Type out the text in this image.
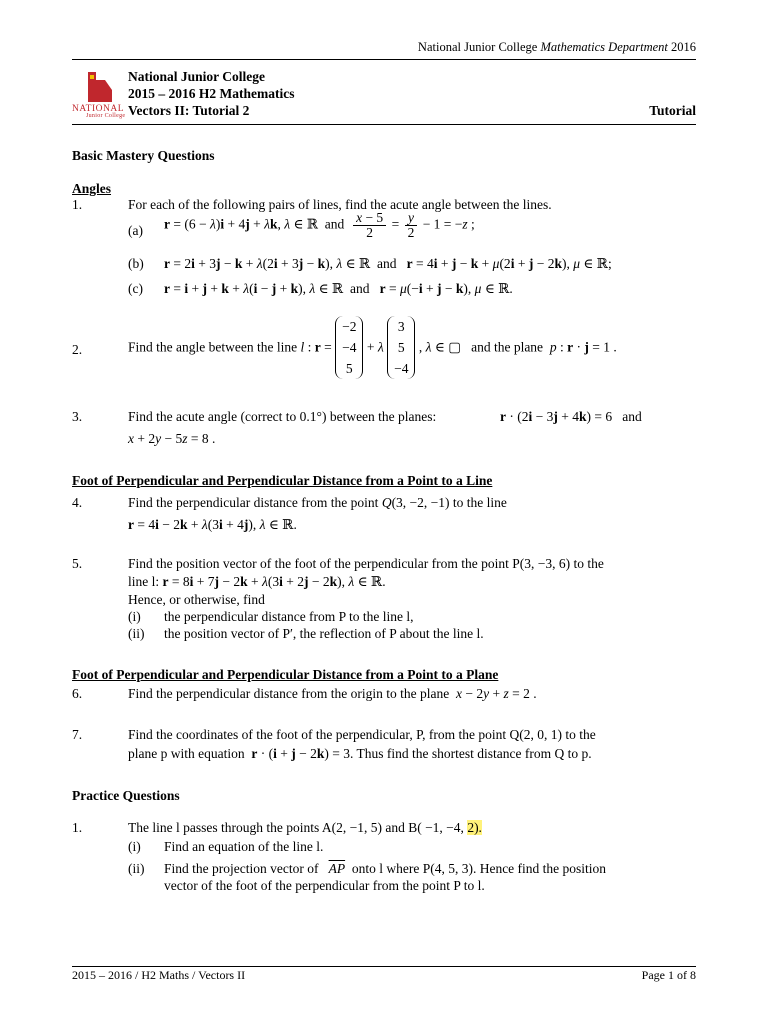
National Junior College Mathematics Department 2016
NATIONAL
Junior College
National Junior College
2015 – 2016 H2 Mathematics
Vectors II: Tutorial 2	Tutorial
Basic Mastery Questions
Angles
1.	For each of the following pairs of lines, find the acute angle between the lines.
(a) r = (6 − λ)i + 4j + λk, λ ∈ ℝ  and $\frac{x - 5}{2} = \frac{y}{2} - 1 = -z$ ;
(b) r = 2i + 3j − k + λ(2i + 3j − k), λ ∈ ℝ  and   r = 4i + j − k + μ(2i + j − 2k), μ ∈ ℝ;
(c) r = i + j + k + λ(i − j + k), λ ∈ ℝ  and   r = μ(−i + j − k), μ ∈ ℝ.
2.	Find the angle between the line l : r =
−2
−4
5
+ λ
3
5
−4
, λ ∈ ▢   and the plane p : r · j = 1 .
3.	Find the acute angle (correct to 0.1°) between the planes:	r · (2i − 3j + 4k) = 6   and
x + 2y − 5z = 8 .
Foot of Perpendicular and Perpendicular Distance from a Point to a Line
4.	Find the perpendicular distance from the point Q(3, −2, −1) to the line
r = 4i − 2k + λ(3i + 4j), λ ∈ ℝ.
5.	Find the position vector of the foot of the perpendicular from the point P(3, −3, 6) to the
line l: r = 8i + 7j − 2k + λ(3i + 2j − 2k), λ ∈ ℝ.
Hence, or otherwise, find
(i) the perpendicular distance from P to the line l,
(ii) the position vector of P′, the reflection of P about the line l.
Foot of Perpendicular and Perpendicular Distance from a Point to a Plane
6.	Find the perpendicular distance from the origin to the plane x − 2y + z = 2 .
7.	Find the coordinates of the foot of the perpendicular, P, from the point Q(2, 0, 1) to the
plane p with equation r · (i + j − 2k) = 3. Thus find the shortest distance from Q to p.
Practice Questions
1.	The line l passes through the points A(2, −1, 5) and B( −1, −4, 2).
(i) Find an equation of the line l.
(ii) Find the projection vector of $\overline{AP}$ onto l where P(4, 5, 3). Hence find the position
vector of the foot of the perpendicular from the point P to l.
2015 – 2016 / H2 Maths / Vectors II	Page 1 of 8
